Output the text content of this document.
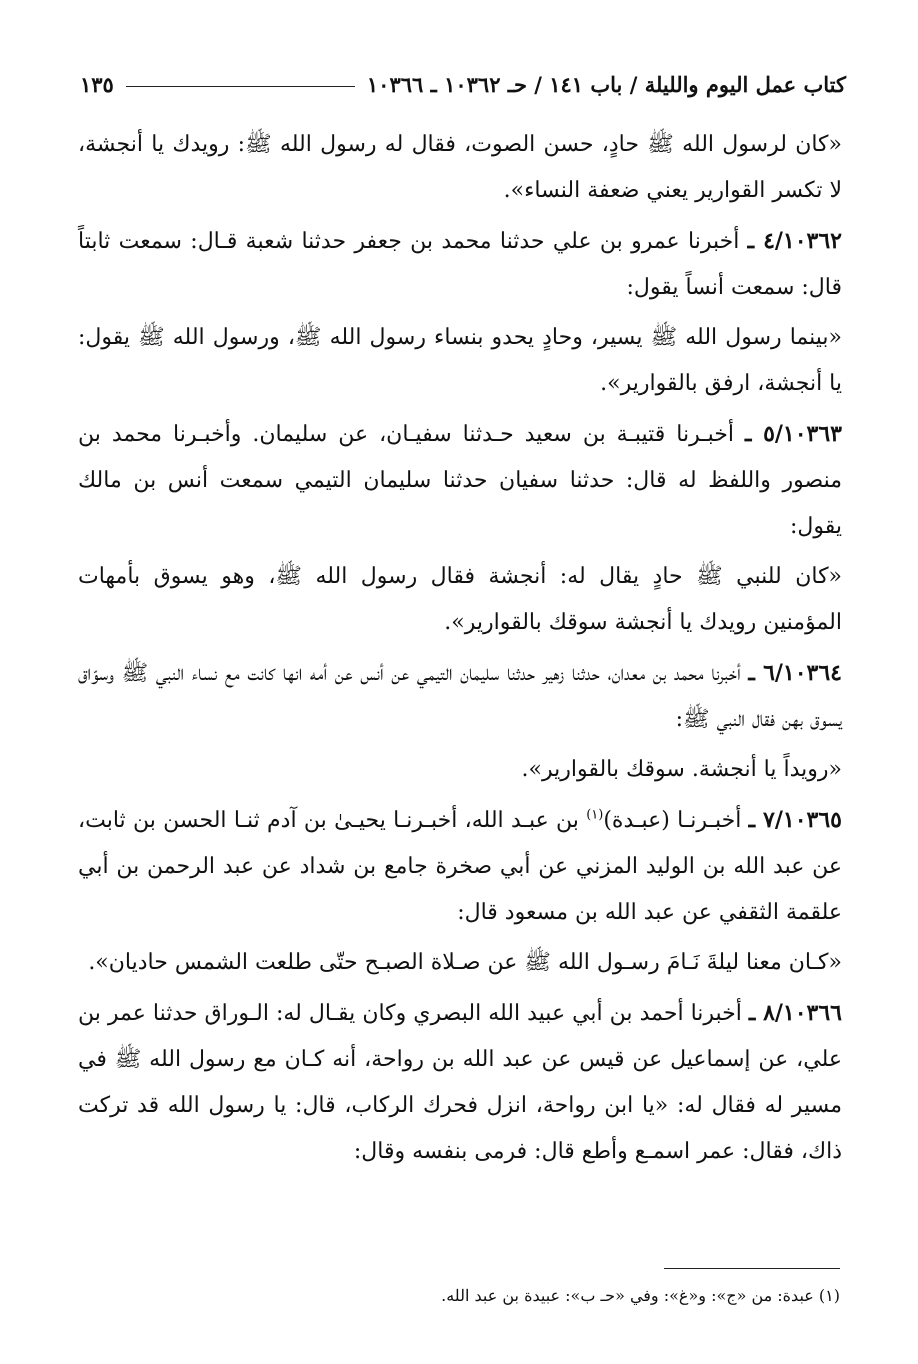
كتاب عمل اليوم والليلة / باب ١٤١ / حـ ١٠٣٦٢ ـ ١٠٣٦٦
١٣٥

«كان لرسول الله ﷺ حادٍ، حسن الصوت، فقال له رسول الله ﷺ: رويدك يا أنجشة، لا تكسر القوارير يعني ضعفة النساء».

٤/١٠٣٦٢ ـ أخبرنا عمرو بن علي حدثنا محمد بن جعفر حدثنا شعبة قـال: سمعت ثابتاً قال: سمعت أنساً يقول:

«بينما رسول الله ﷺ يسير، وحادٍ يحدو بنساء رسول الله ﷺ، ورسول الله ﷺ يقول: يا أنجشة، ارفق بالقوارير».

٥/١٠٣٦٣ ـ أخبـرنا قتيبـة بن سعيد حـدثنا سفيـان، عن سليمان. وأخبـرنا محمد بن منصور واللفظ له قال: حدثنا سفيان حدثنا سليمان التيمي سمعت أنس بن مالك يقول:

«كان للنبي ﷺ حادٍ يقال له: أنجشة فقال رسول الله ﷺ، وهو يسوق بأمهات المؤمنين رويدك يا أنجشة سوقك بالقوارير».

٦/١٠٣٦٤ ـ أخبرنا محمد بن معدان، حدثنا زهير حدثنا سليمان التيمي عن أنس عن أمه انها كانت مع نساء النبي ﷺ وسوّاق يسوق بهن فقال النبي ﷺ:

«رويداً يا أنجشة. سوقك بالقوارير».

٧/١٠٣٦٥ ـ أخبـرنـا (عبـدة)$^{(١)}$ بن عبـد الله، أخبـرنـا يحيـىٰ بن آدم ثنـا الحسن بن ثابت، عن عبد الله بن الوليد المزني عن أبي صخرة جامع بن شداد عن عبد الرحمن بن أبي علقمة الثقفي عن عبد الله بن مسعود قال:

«كـان معنا ليلةَ نَـامَ رسـول الله ﷺ عن صـلاة الصبـح حتّى طلعت الشمس حاديان».

٨/١٠٣٦٦ ـ أخبرنا أحمد بن أبي عبيد الله البصري وكان يقـال له: الـوراق حدثنا عمر بن علي، عن إسماعيل عن قيس عن عبد الله بن رواحة، أنه كـان مع رسول الله ﷺ في مسير له فقال له: «يا ابن رواحة، انزل فحرك الركاب، قال: يا رسول الله قد تركت ذاك، فقال: عمر اسمـع وأطع قال: فرمى بنفسه وقال:

(١) عبدة: من «ج»: و«غ»: وفي «حـ ب»: عبيدة بن عبد الله.
